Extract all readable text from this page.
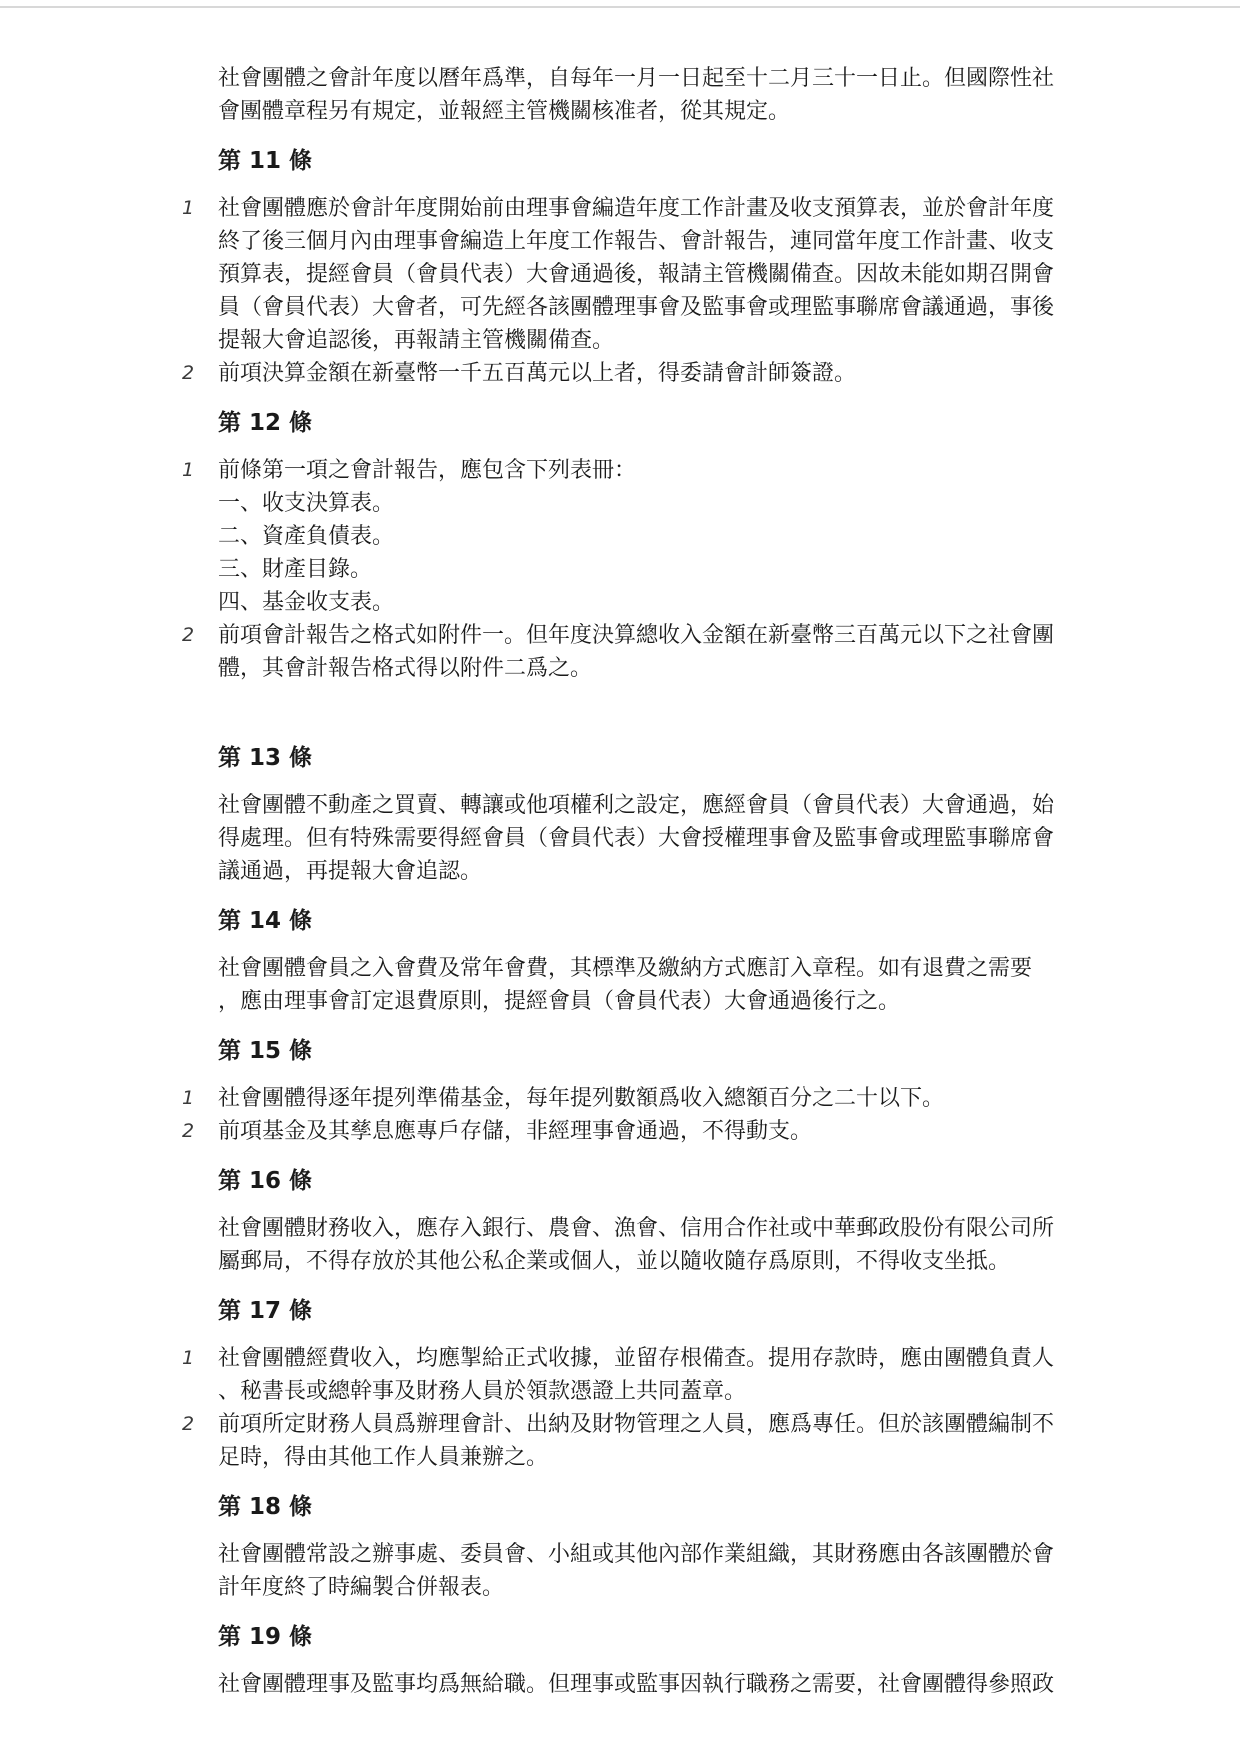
社會團體之會計年度以曆年爲準，自每年一月一日起至十二月三十一日止。但國際性社
會團體章程另有規定，並報經主管機關核准者，從其規定。
第 11 條
1 社會團體應於會計年度開始前由理事會編造年度工作計畫及收支預算表，並於會計年度
終了後三個月內由理事會編造上年度工作報告、會計報告，連同當年度工作計畫、收支
預算表，提經會員（會員代表）大會通過後，報請主管機關備查。因故未能如期召開會
員（會員代表）大會者，可先經各該團體理事會及監事會或理監事聯席會議通過，事後
提報大會追認後，再報請主管機關備查。
2 前項決算金額在新臺幣一千五百萬元以上者，得委請會計師簽證。
第 12 條
1 前條第一項之會計報告，應包含下列表冊：
一、收支決算表。
二、資產負債表。
三、財產目錄。
四、基金收支表。
2 前項會計報告之格式如附件一。但年度決算總收入金額在新臺幣三百萬元以下之社會團
體，其會計報告格式得以附件二爲之。
第 13 條
社會團體不動產之買賣、轉讓或他項權利之設定，應經會員（會員代表）大會通過，始
得處理。但有特殊需要得經會員（會員代表）大會授權理事會及監事會或理監事聯席會
議通過，再提報大會追認。
第 14 條
社會團體會員之入會費及常年會費，其標準及繳納方式應訂入章程。如有退費之需要
，應由理事會訂定退費原則，提經會員（會員代表）大會通過後行之。
第 15 條
1 社會團體得逐年提列準備基金，每年提列數額爲收入總額百分之二十以下。
2 前項基金及其孳息應專戶存儲，非經理事會通過，不得動支。
第 16 條
社會團體財務收入，應存入銀行、農會、漁會、信用合作社或中華郵政股份有限公司所
屬郵局，不得存放於其他公私企業或個人，並以隨收隨存爲原則，不得收支坐抵。
第 17 條
1 社會團體經費收入，均應掣給正式收據，並留存根備查。提用存款時，應由團體負責人
、秘書長或總幹事及財務人員於領款憑證上共同蓋章。
2 前項所定財務人員爲辦理會計、出納及財物管理之人員，應爲專任。但於該團體編制不
足時，得由其他工作人員兼辦之。
第 18 條
社會團體常設之辦事處、委員會、小組或其他內部作業組織，其財務應由各該團體於會
計年度終了時編製合併報表。
第 19 條
社會團體理事及監事均爲無給職。但理事或監事因執行職務之需要，社會團體得參照政
